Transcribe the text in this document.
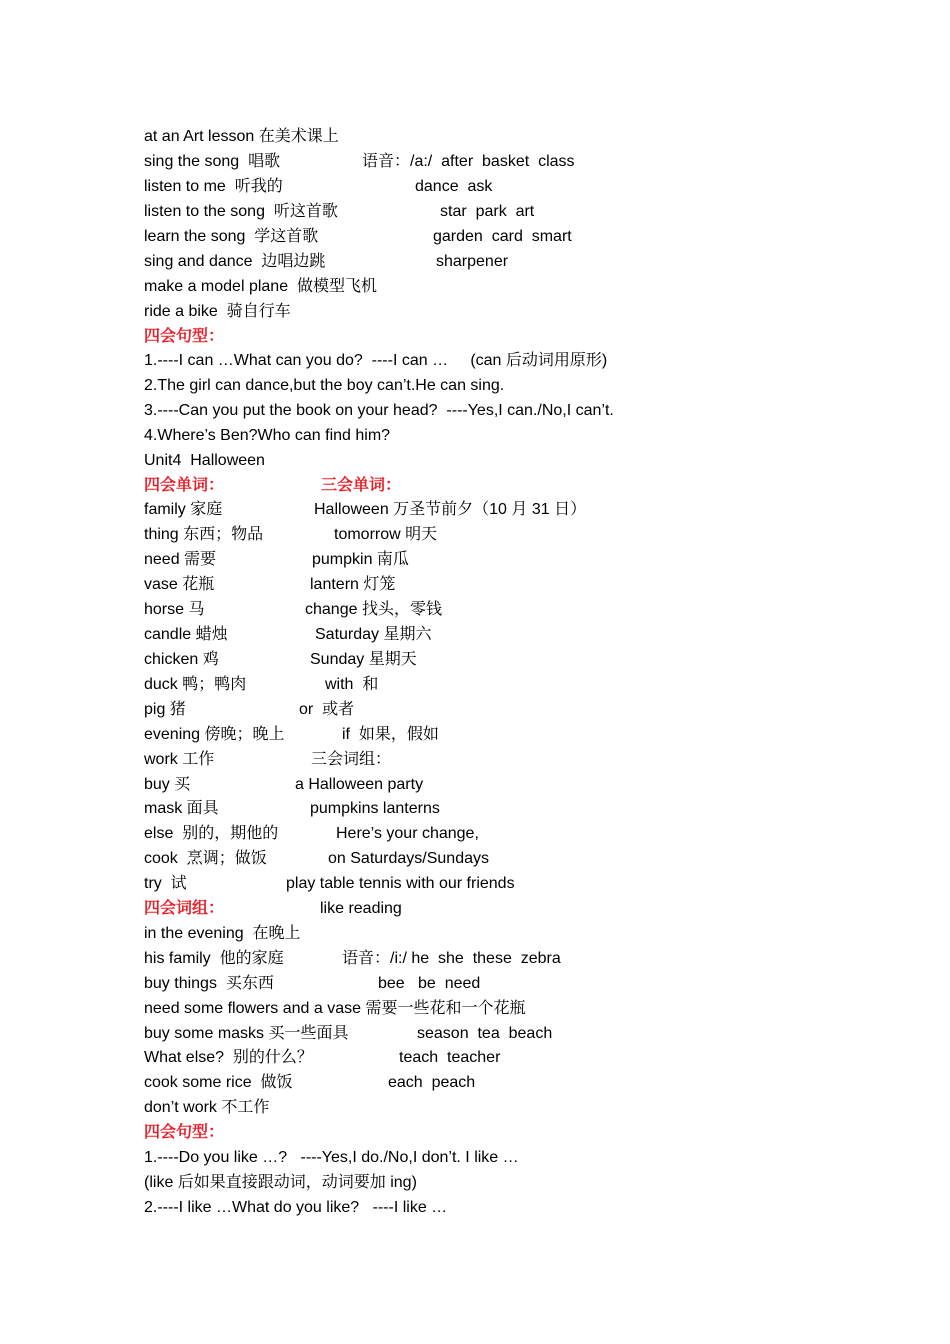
at an Art lesson 在美术课上
sing the song  唱歌
listen to me  听我的
listen to the song  听这首歌
learn the song  学这首歌
sing and dance  边唱边跳
make a model plane  做模型飞机
ride a bike  骑自行车
四会句型：
1.----I can …What can you do?  ----I can …     (can 后动词用原形)
2.The girl can dance,but the boy can’t.He can sing.
3.----Can you put the book on your head?  ----Yes,I can./No,I can’t.
4.Where’s Ben?Who can find him?
Unit4  Halloween
四会单词：
family 家庭
thing 东西；物品
need 需要
vase 花瓶
horse 马
candle 蜡烛
chicken 鸡
duck 鸭；鸭肉
pig 猪
evening 傍晚；晚上
work 工作
buy 买
mask 面具
else  别的，期他的
cook  烹调；做饭
try  试
四会词组：
in the evening  在晚上
his family  他的家庭
buy things  买东西
need some flowers and a vase 需要一些花和一个花瓶
buy some masks 买一些面具
What else?  别的什么？
cook some rice  做饭
don’t work 不工作
四会句型：
1.----Do you like …?   ----Yes,I do./No,I don’t. I like …
(like 后如果直接跟动词，动词要加 ing)
2.----I like …What do you like?   ----I like …
语音：/a:/  after  basket  class
dance  ask
star  park  art
garden  card  smart
sharpener
三会单词：
Halloween 万圣节前夕（10 月 31 日）
tomorrow 明天
pumpkin 南瓜
lantern 灯笼
change 找头，零钱
Saturday 星期六
Sunday 星期天
with  和
or  或者
if  如果，假如
三会词组：
a Halloween party
pumpkins lanterns
Here’s your change,
on Saturdays/Sundays
play table tennis with our friends
like reading
语音：/i:/ he  she  these  zebra
bee   be  need
season  tea  beach
teach  teacher
each  peach
